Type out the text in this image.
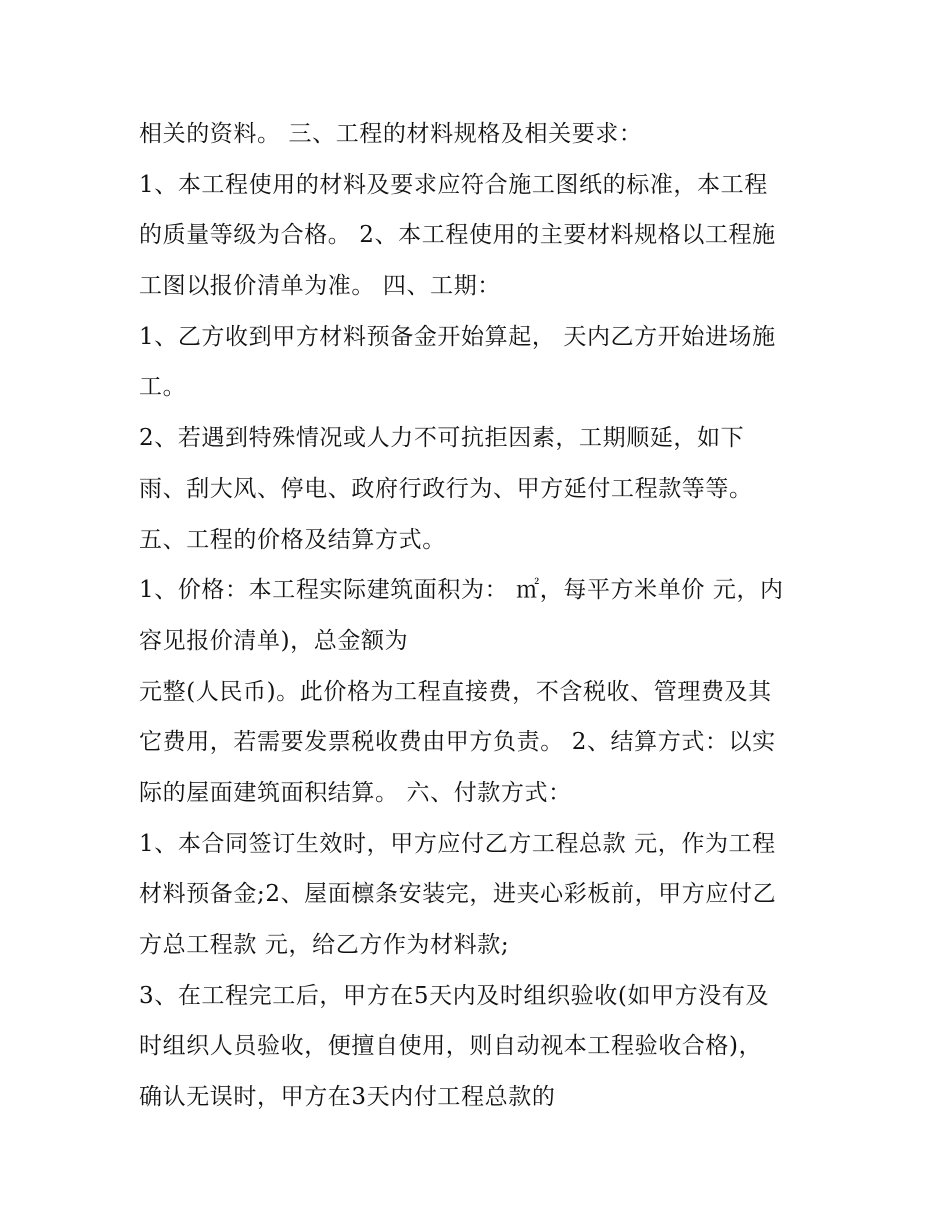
相关的资料。 三、工程的材料规格及相关要求：
1、本工程使用的材料及要求应符合施工图纸的标准，本工程
的质量等级为合格。 2、本工程使用的主要材料规格以工程施
工图以报价清单为准。 四、工期：
1、乙方收到甲方材料预备金开始算起， 天内乙方开始进场施
工。
2、若遇到特殊情况或人力不可抗拒因素，工期顺延，如下
雨、刮大风、停电、政府行政行为、甲方延付工程款等等。
五、工程的价格及结算方式。
1、价格：本工程实际建筑面积为： ㎡，每平方米单价 元，内
容见报价清单)，总金额为
元整(人民币)。此价格为工程直接费，不含税收、管理费及其
它费用，若需要发票税收费由甲方负责。 2、结算方式：以实
际的屋面建筑面积结算。 六、付款方式：
1、本合同签订生效时，甲方应付乙方工程总款 元，作为工程
材料预备金;2、屋面檩条安装完，进夹心彩板前，甲方应付乙
方总工程款 元，给乙方作为材料款;
3、在工程完工后，甲方在5天内及时组织验收(如甲方没有及
时组织人员验收，便擅自使用，则自动视本工程验收合格)，
确认无误时，甲方在3天内付工程总款的
